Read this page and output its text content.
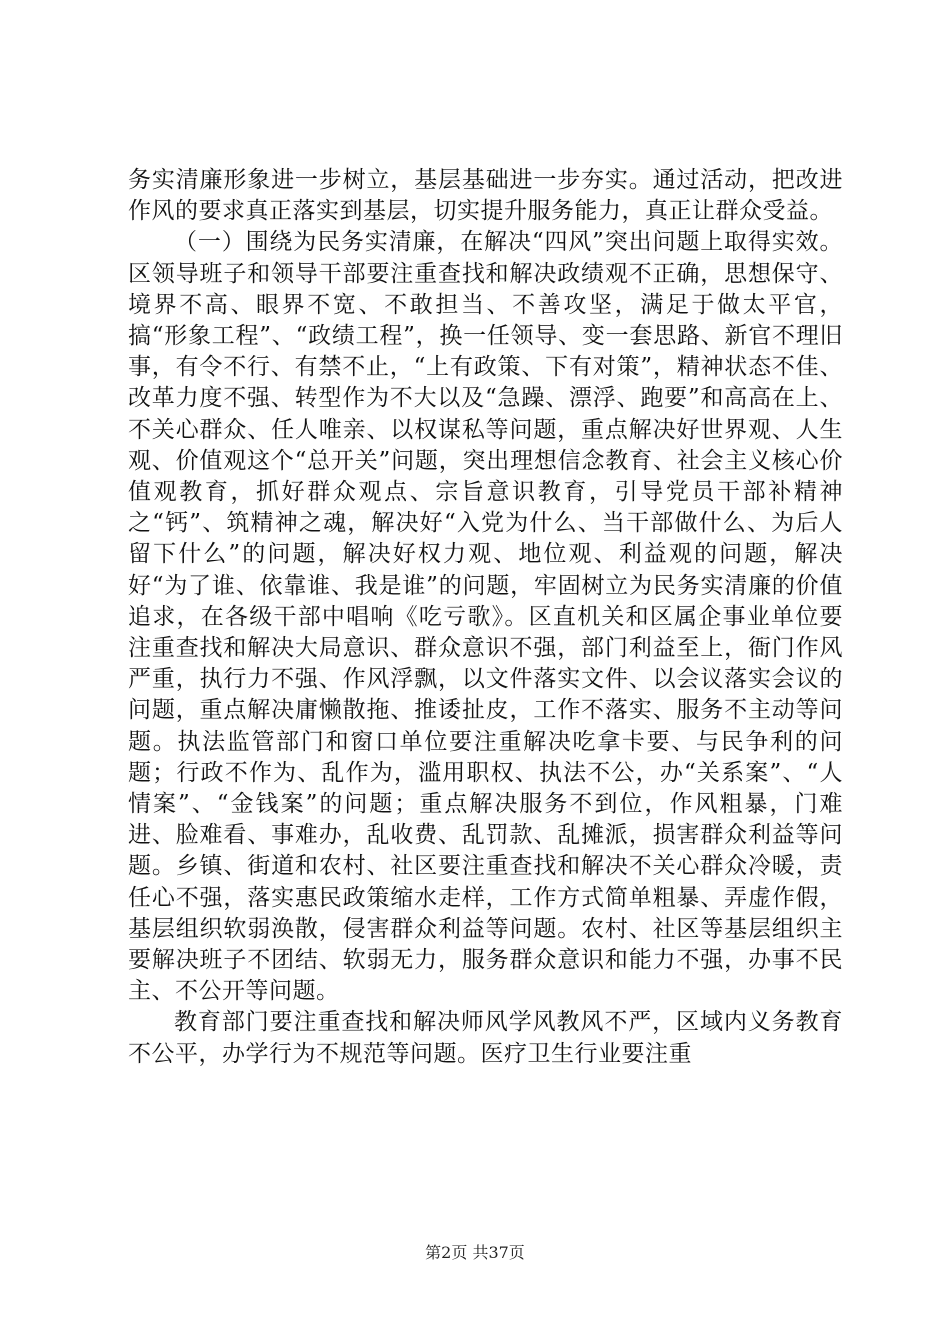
务实清廉形象进一步树立，基层基础进一步夯实。通过活动，把改进作风的要求真正落实到基层，切实提升服务能力，真正让群众受益。

（一）围绕为民务实清廉，在解决“四风”突出问题上取得实效。区领导班子和领导干部要注重查找和解决政绩观不正确，思想保守、境界不高、眼界不宽、不敢担当、不善攻坚，满足于做太平官，搞“形象工程”、“政绩工程”，换一任领导、变一套思路、新官不理旧事，有令不行、有禁不止，“上有政策、下有对策”，精神状态不佳、改革力度不强、转型作为不大以及“急躁、漂浮、跑要”和高高在上、不关心群众、任人唯亲、以权谋私等问题，重点解决好世界观、人生观、价值观这个“总开关”问题，突出理想信念教育、社会主义核心价值观教育，抓好群众观点、宗旨意识教育，引导党员干部补精神之“钙”、筑精神之魂，解决好“入党为什么、当干部做什么、为后人留下什么”的问题，解决好权力观、地位观、利益观的问题，解决好“为了谁、依靠谁、我是谁”的问题，牢固树立为民务实清廉的价值追求，在各级干部中唱响《吃亏歌》。区直机关和区属企事业单位要注重查找和解决大局意识、群众意识不强，部门利益至上，衙门作风严重，执行力不强、作风浮飘，以文件落实文件、以会议落实会议的问题，重点解决庸懒散拖、推诿扯皮，工作不落实、服务不主动等问题。执法监管部门和窗口单位要注重解决吃拿卡要、与民争利的问题；行政不作为、乱作为，滥用职权、执法不公，办“关系案”、“人情案”、“金钱案”的问题；重点解决服务不到位，作风粗暴，门难进、脸难看、事难办，乱收费、乱罚款、乱摊派，损害群众利益等问题。乡镇、街道和农村、社区要注重查找和解决不关心群众冷暖，责任心不强，落实惠民政策缩水走样，工作方式简单粗暴、弄虚作假，基层组织软弱涣散，侵害群众利益等问题。农村、社区等基层组织主要解决班子不团结、软弱无力，服务群众意识和能力不强，办事不民主、不公开等问题。

教育部门要注重查找和解决师风学风教风不严，区域内义务教育不公平，办学行为不规范等问题。医疗卫生行业要注重

第2页 共37页
